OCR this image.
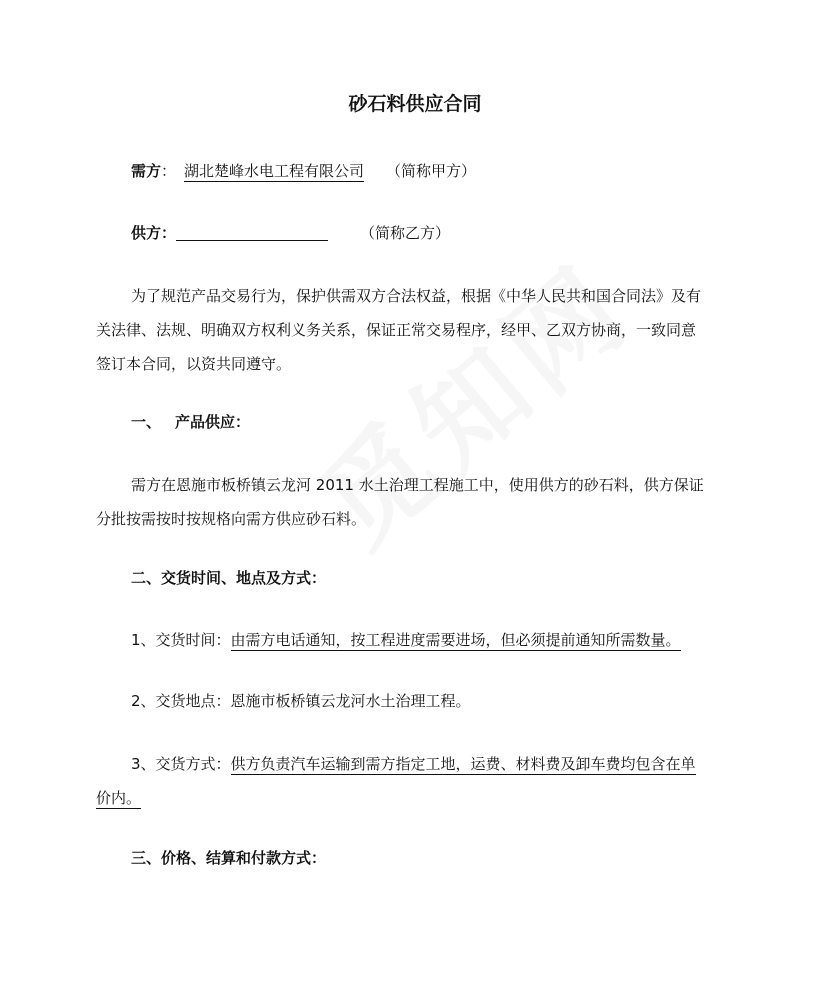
砂石料供应合同
需方： 湖北楚峰水电工程有限公司 （简称甲方）
供方：	（简称乙方）
为了规范产品交易行为，保护供需双方合法权益，根据《中华人民共和国合同法》及有
关法律、法规、明确双方权利义务关系，保证正常交易程序，经甲、乙双方协商，一致同意
签订本合同，以资共同遵守。
一、 产品供应：
需方在恩施市板桥镇云龙河 2011 水土治理工程施工中，使用供方的砂石料，供方保证
分批按需按时按规格向需方供应砂石料。
二、交货时间、地点及方式：
1、交货时间：由需方电话通知，按工程进度需要进场，但必须提前通知所需数量。
2、交货地点：恩施市板桥镇云龙河水土治理工程。
3、交货方式：供方负责汽车运输到需方指定工地，运费、材料费及卸车费均包含在单
价内。
三、价格、结算和付款方式：
